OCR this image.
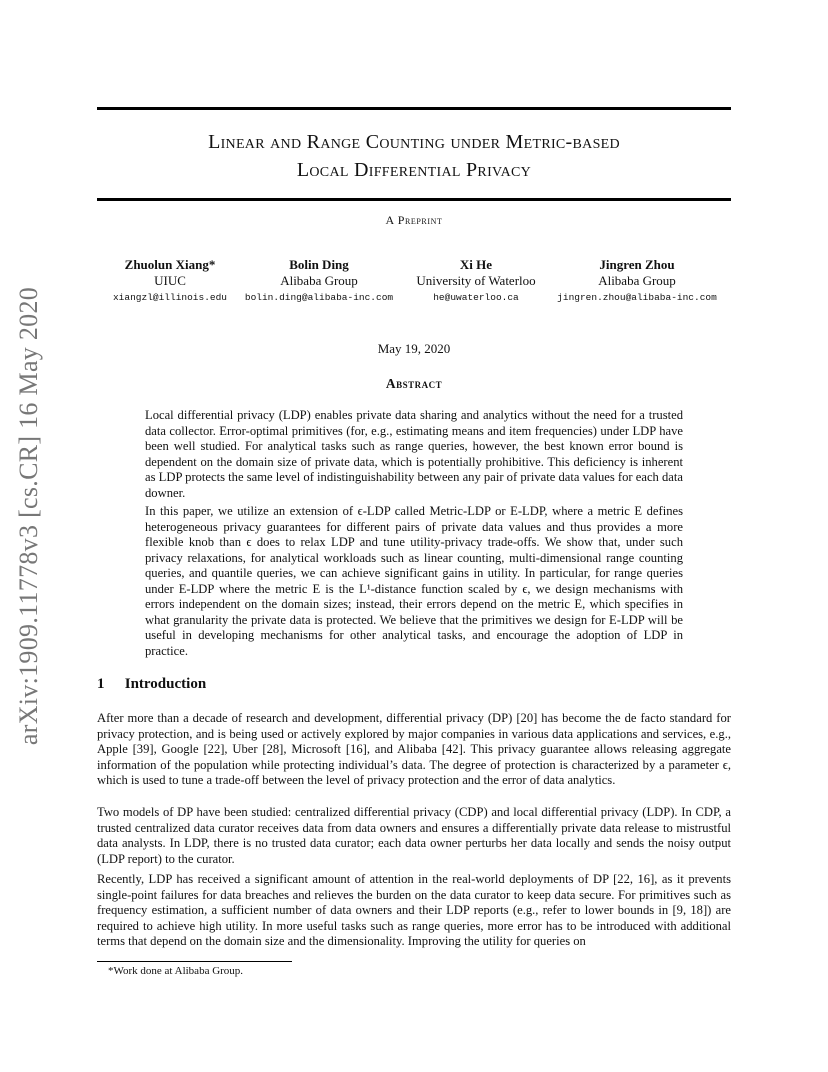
arXiv:1909.11778v3 [cs.CR] 16 May 2020
Linear and Range Counting under Metric-based
Local Differential Privacy
A Preprint
Zhuolun Xiang*
UIUC
xiangzl@illinois.edu
Bolin Ding
Alibaba Group
bolin.ding@alibaba-inc.com
Xi He
University of Waterloo
he@uwaterloo.ca
Jingren Zhou
Alibaba Group
jingren.zhou@alibaba-inc.com
May 19, 2020
Abstract

Local differential privacy (LDP) enables private data sharing and analytics without the need for a trusted data collector. Error-optimal primitives (for, e.g., estimating means and item frequencies) under LDP have been well studied. For analytical tasks such as range queries, however, the best known error bound is dependent on the domain size of private data, which is potentially prohibitive. This deficiency is inherent as LDP protects the same level of indistinguishability between any pair of private data values for each data downer.

In this paper, we utilize an extension of ϵ-LDP called Metric-LDP or E-LDP, where a metric E defines heterogeneous privacy guarantees for different pairs of private data values and thus provides a more flexible knob than ϵ does to relax LDP and tune utility-privacy trade-offs. We show that, under such privacy relaxations, for analytical workloads such as linear counting, multi-dimensional range counting queries, and quantile queries, we can achieve significant gains in utility. In particular, for range queries under E-LDP where the metric E is the L¹-distance function scaled by ϵ, we design mechanisms with errors independent on the domain sizes; instead, their errors depend on the metric E, which specifies in what granularity the private data is protected. We believe that the primitives we design for E-LDP will be useful in developing mechanisms for other analytical tasks, and encourage the adoption of LDP in practice.

1 Introduction

After more than a decade of research and development, differential privacy (DP) [20] has become the de facto standard for privacy protection, and is being used or actively explored by major companies in various data applications and services, e.g., Apple [39], Google [22], Uber [28], Microsoft [16], and Alibaba [42]. This privacy guarantee allows releasing aggregate information of the population while protecting individual’s data. The degree of protection is characterized by a parameter ϵ, which is used to tune a trade-off between the level of privacy protection and the error of data analytics.

Two models of DP have been studied: centralized differential privacy (CDP) and local differential privacy (LDP). In CDP, a trusted centralized data curator receives data from data owners and ensures a differentially private data release to mistrustful data analysts. In LDP, there is no trusted data curator; each data owner perturbs her data locally and sends the noisy output (LDP report) to the curator.

Recently, LDP has received a significant amount of attention in the real-world deployments of DP [22, 16], as it prevents single-point failures for data breaches and relieves the burden on the data curator to keep data secure. For primitives such as frequency estimation, a sufficient number of data owners and their LDP reports (e.g., refer to lower bounds in [9, 18]) are required to achieve high utility. In more useful tasks such as range queries, more error has to be introduced with additional terms that depend on the domain size and the dimensionality. Improving the utility for queries on

*Work done at Alibaba Group.
